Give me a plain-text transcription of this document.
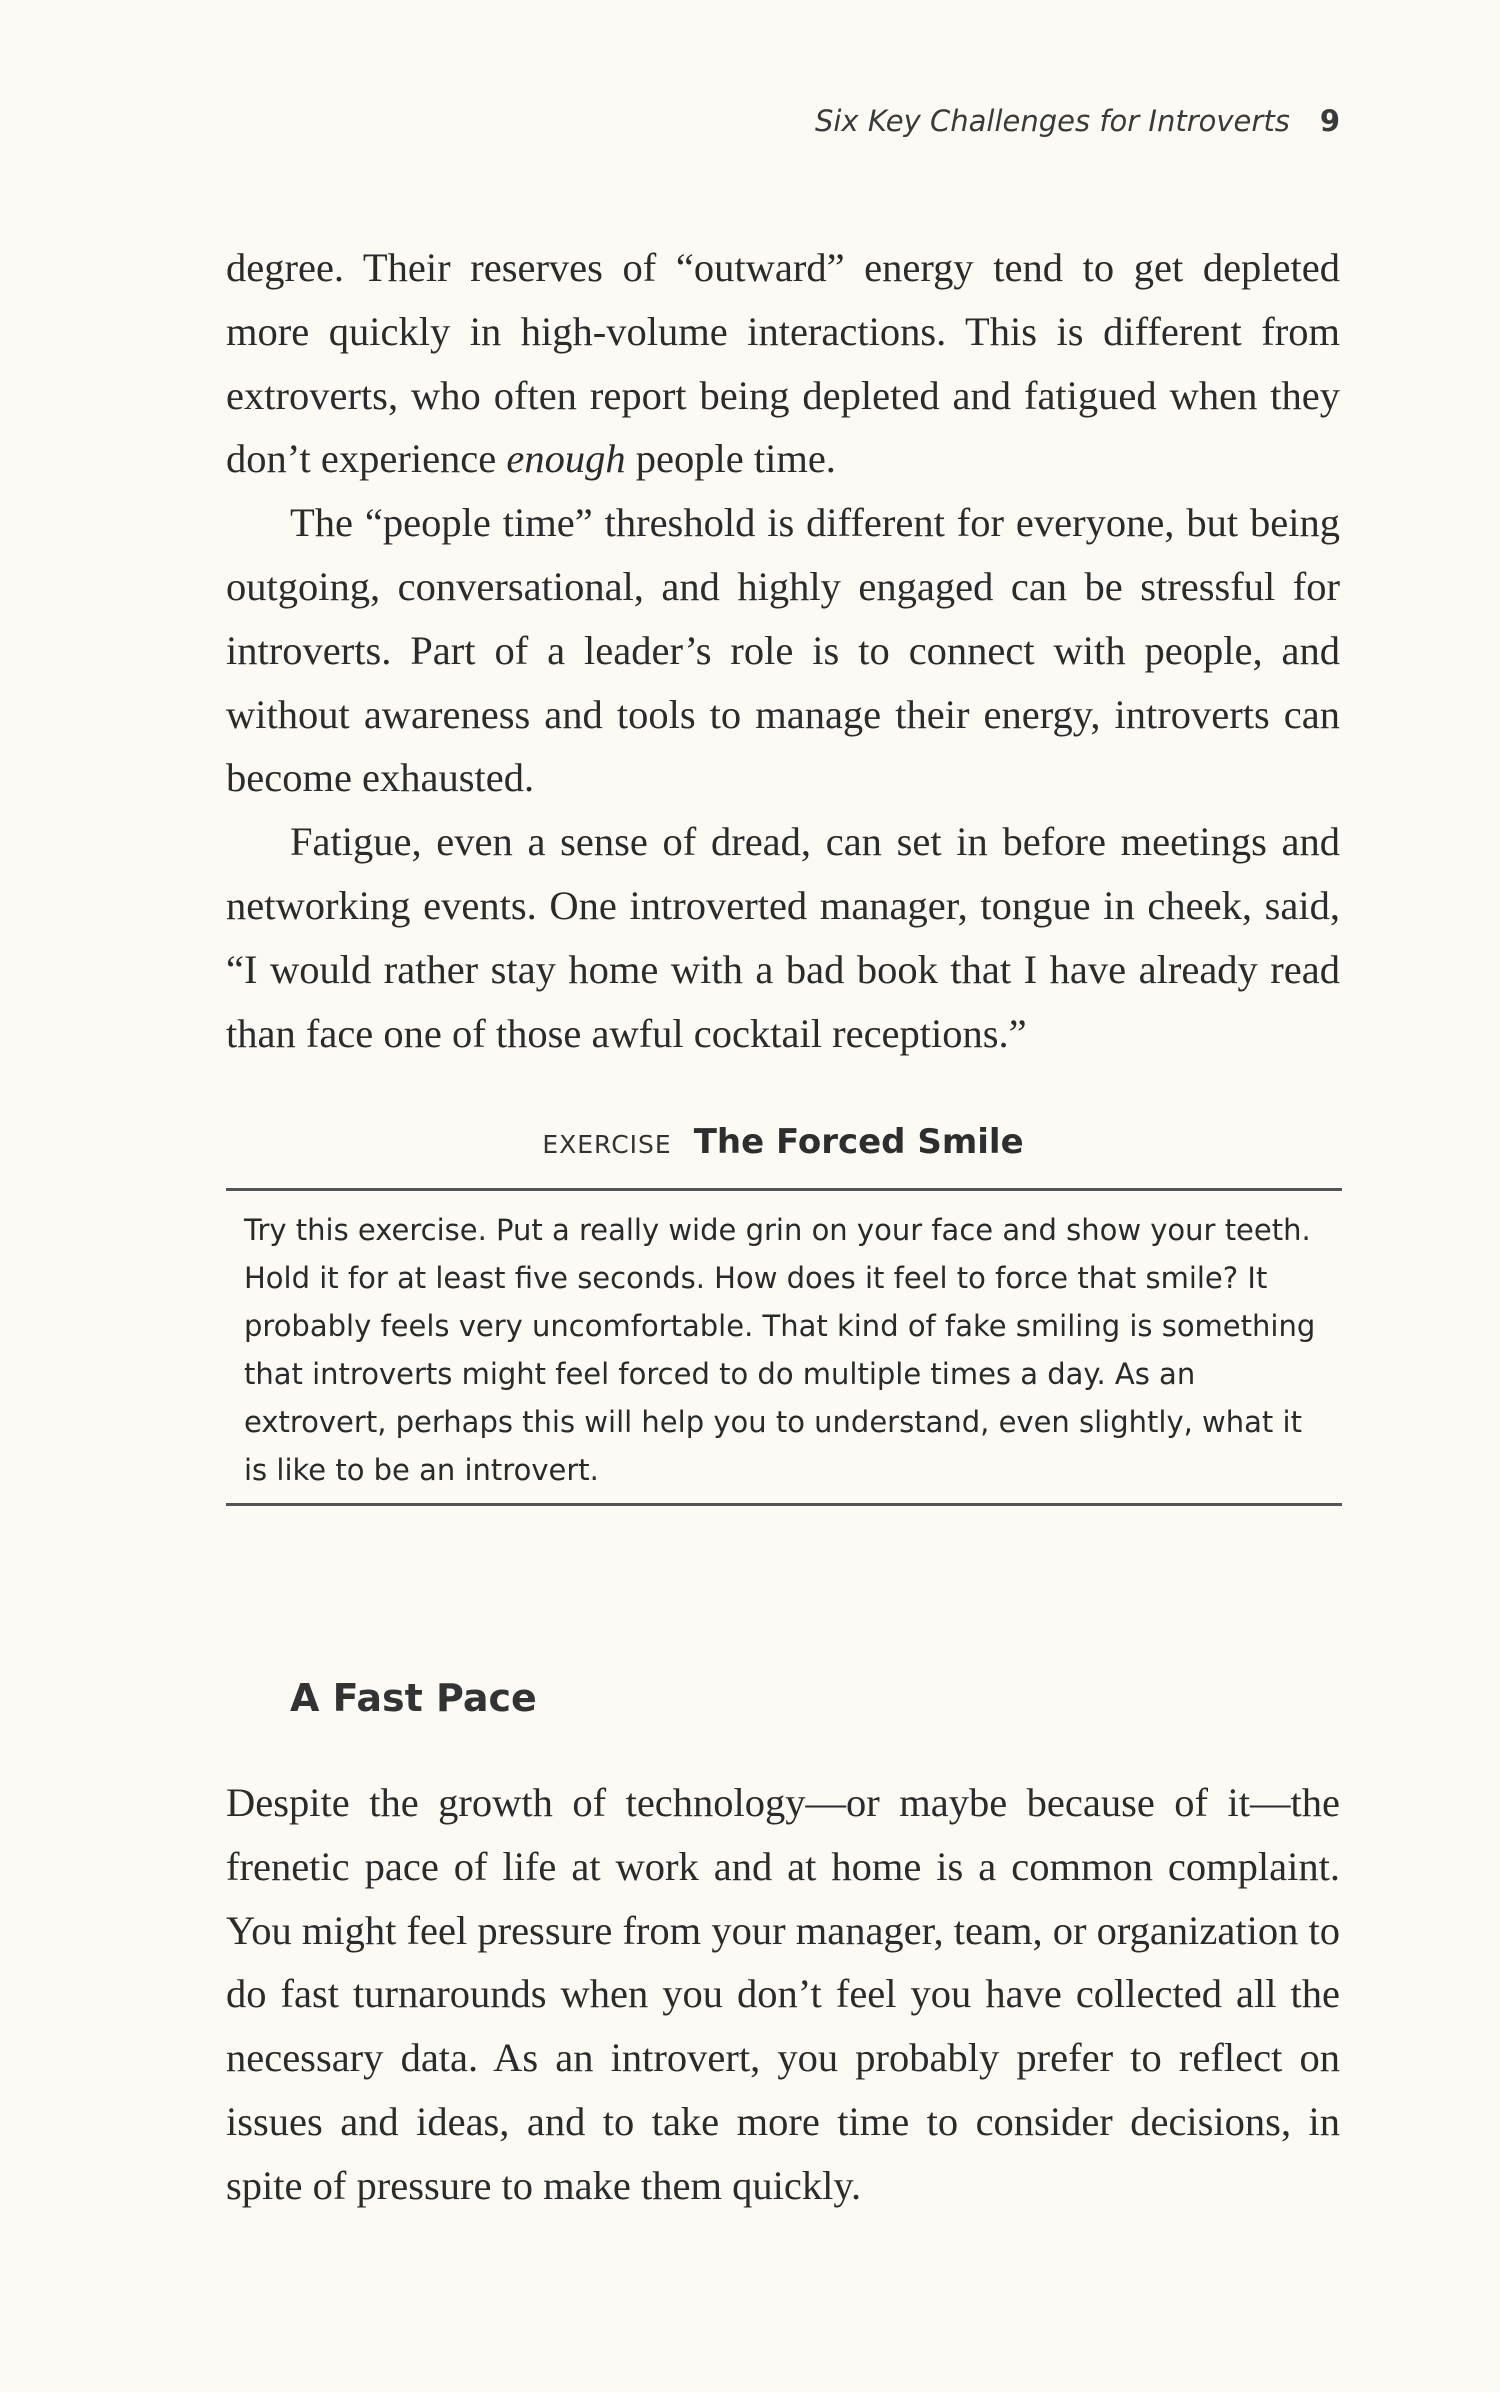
Six Key Challenges for Introverts 9

degree. Their reserves of “outward” energy tend to get depleted more quickly in high-volume interactions. This is different from extroverts, who often report being depleted and fatigued when they don’t experience enough people time.

The “people time” threshold is different for everyone, but being outgoing, conversational, and highly engaged can be stressful for introverts. Part of a leader’s role is to connect with people, and without awareness and tools to manage their energy, introverts can become exhausted.

Fatigue, even a sense of dread, can set in before meetings and networking events. One introverted manager, tongue in cheek, said, “I would rather stay home with a bad book that I have already read than face one of those awful cocktail receptions.”

EXERCISE The Forced Smile

Try this exercise. Put a really wide grin on your face and show your teeth. Hold it for at least five seconds. How does it feel to force that smile? It probably feels very uncomfortable. That kind of fake smiling is something that introverts might feel forced to do multiple times a day. As an extrovert, perhaps this will help you to understand, even slightly, what it is like to be an introvert.

A Fast Pace

Despite the growth of technology—or maybe because of it—the frenetic pace of life at work and at home is a common complaint. You might feel pressure from your manager, team, or organization to do fast turnarounds when you don’t feel you have collected all the necessary data. As an introvert, you probably prefer to reflect on issues and ideas, and to take more time to consider decisions, in spite of pressure to make them quickly.
